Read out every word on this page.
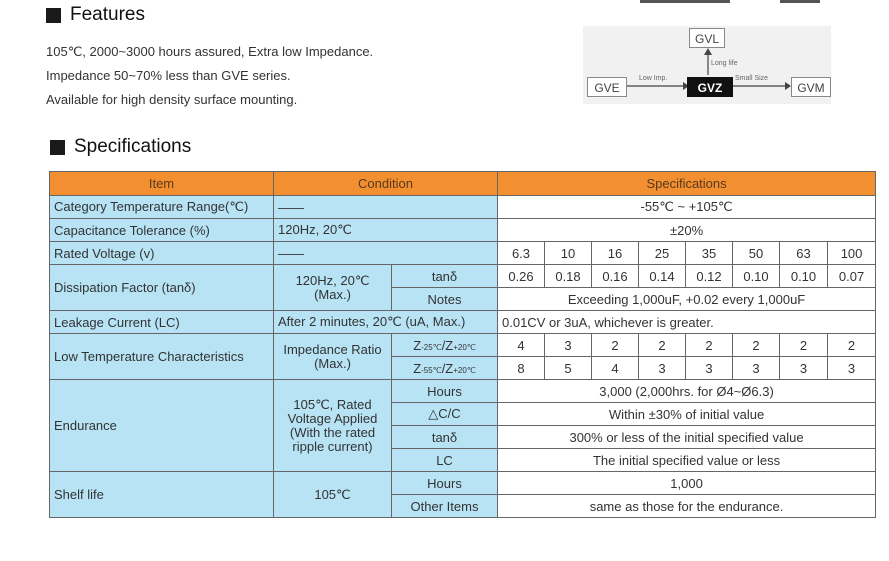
Features
105℃, 2000~3000 hours assured, Extra low Impedance.
Impedance 50~70% less than GVE series.
Available for high density surface mounting.
GVL
Long life
GVE
Low Imp.
GVZ
Small Size
GVM
Specifications
Item	Condition		Specifications							
Category Temperature Range(℃)	——		-55℃ ~ +105℃							
Capacitance Tolerance (%)	120Hz, 20℃		±20%							
Rated Voltage (v)	——		6.3	10	16	25	35	50	63	100
Dissipation Factor (tanδ)	120Hz, 20℃ (Max.)	tanδ	0.26	0.18	0.16	0.14	0.12	0.10	0.10	0.07
		Notes	Exceeding 1,000uF, +0.02 every 1,000uF							
Leakage Current (LC)	After 2 minutes, 20℃ (uA, Max.)		0.01CV or 3uA, whichever is greater.							
Low Temperature Characteristics	Impedance Ratio (Max.)	Z-25℃/Z+20℃	4	3	2	2	2	2	2	2
		Z-55℃/Z+20℃	8	5	4	3	3	3	3	3
Endurance	105℃, Rated Voltage Applied (With the rated ripple current)	Hours	3,000 (2,000hrs. for Ø4~Ø6.3)							
		△C/C	Within ±30% of initial value							
		tanδ	300% or less of the initial specified value							
		LC	The initial specified value or less							
Shelf life	105℃	Hours	1,000							
		Other Items	same as those for the endurance.							
